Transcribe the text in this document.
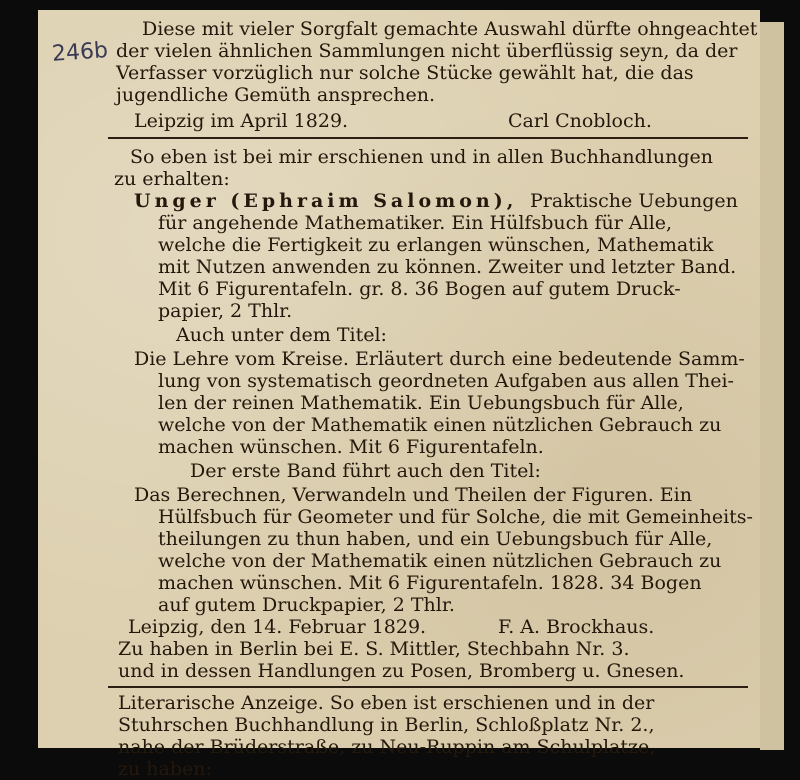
246b
Diese mit vieler Sorgfalt gemachte Auswahl dürfte ohngeachtet
der vielen ähnlichen Sammlungen nicht überflüssig seyn, da der
Verfasser vorzüglich nur solche Stücke gewählt hat, die das
jugendliche Gemüth ansprechen.
Leipzig im April 1829.	Carl Cnobloch.
So eben ist bei mir erschienen und in allen Buchhandlungen
zu erhalten:
Unger (Ephraim Salomon), Praktische Uebungen
für angehende Mathematiker. Ein Hülfsbuch für Alle,
welche die Fertigkeit zu erlangen wünschen, Mathematik
mit Nutzen anwenden zu können. Zweiter und letzter Band.
Mit 6 Figurentafeln. gr. 8. 36 Bogen auf gutem Druck-
papier, 2 Thlr.
Auch unter dem Titel:
Die Lehre vom Kreise. Erläutert durch eine bedeutende Samm-
lung von systematisch geordneten Aufgaben aus allen Thei-
len der reinen Mathematik. Ein Uebungsbuch für Alle,
welche von der Mathematik einen nützlichen Gebrauch zu
machen wünschen. Mit 6 Figurentafeln.
Der erste Band führt auch den Titel:
Das Berechnen, Verwandeln und Theilen der Figuren. Ein
Hülfsbuch für Geometer und für Solche, die mit Gemeinheits-
theilungen zu thun haben, und ein Uebungsbuch für Alle,
welche von der Mathematik einen nützlichen Gebrauch zu
machen wünschen. Mit 6 Figurentafeln. 1828. 34 Bogen
auf gutem Druckpapier, 2 Thlr.
Leipzig, den 14. Februar 1829.	F. A. Brockhaus.
Zu haben in Berlin bei E. S. Mittler, Stechbahn Nr. 3.
und in dessen Handlungen zu Posen, Bromberg u. Gnesen.
Literarische Anzeige. So eben ist erschienen und in der
Stuhrschen Buchhandlung in Berlin, Schloßplatz Nr. 2.,
nahe der Brüderstraße, zu Neu-Ruppin am Schulplatze,
zu haben:
